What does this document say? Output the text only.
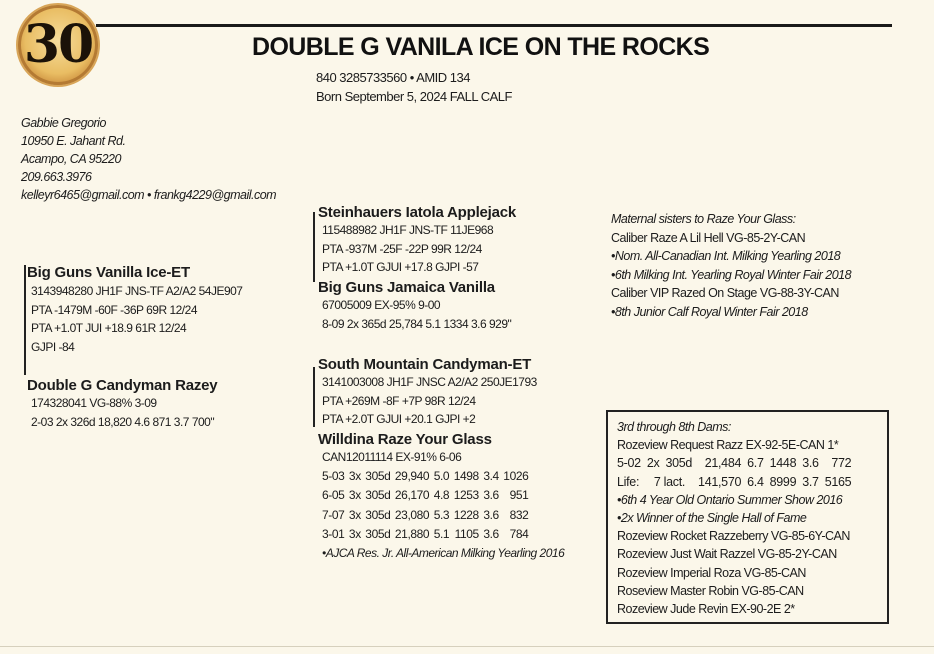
30	DOUBLE G VANILA ICE ON THE ROCKS
840 3285733560 • AMID 134
Born September 5, 2024 FALL CALF
Gabbie Gregorio
10950 E. Jahant Rd.
Acampo, CA 95220
209.663.3976
kelleyr6465@gmail.com • frankg4229@gmail.com
Big Guns Vanilla Ice-ET
3143948280 JH1F JNS-TF A2/A2 54JE907
PTA -1479M -60F -36P 69R 12/24
PTA +1.0T JUI +18.9 61R 12/24
GJPI -84
Steinhauers Iatola Applejack
115488982 JH1F JNS-TF 11JE968
PTA -937M -25F -22P 99R 12/24
PTA +1.0T GJUI +17.8 GJPI -57
Big Guns Jamaica Vanilla
67005009 EX-95% 9-00
8-09 2x 365d 25,784 5.1 1334 3.6 929"
Double G Candyman Razey
174328041 VG-88% 3-09
2-03 2x 326d 18,820 4.6 871 3.7 700"
South Mountain Candyman-ET
3141003008 JH1F JNSC A2/A2 250JE1793
PTA +269M -8F +7P 98R 12/24
PTA +2.0T GJUI +20.1 GJPI +2
Willdina Raze Your Glass
CAN12011114 EX-91% 6-06
5-03	3x	305d	29,940	5.0	1498	3.4	1026
6-05	3x	305d	26,170	4.8	1253	3.6	951
7-07	3x	305d	23,080	5.3	1228	3.6	832
3-01	3x	305d	21,880	5.1	1105	3.6	784
•AJCA Res. Jr. All-American Milking Yearling 2016
Maternal sisters to Raze Your Glass:
Caliber Raze A Lil Hell VG-85-2Y-CAN
•Nom. All-Canadian Int. Milking Yearling 2018
•6th Milking Int. Yearling Royal Winter Fair 2018
Caliber VIP Razed On Stage VG-88-3Y-CAN
•8th Junior Calf Royal Winter Fair 2018
3rd through 8th Dams:
Rozeview Request Razz EX-92-5E-CAN 1*
5-02	2x	305d	21,484	6.7	1448	3.6	772
Life:	7 lact.		141,570	6.4	8999	3.7	5165
•6th 4 Year Old Ontario Summer Show 2016
•2x Winner of the Single Hall of Fame
Rozeview Rocket Razzeberry VG-85-6Y-CAN
Rozeview Just Wait Razzel VG-85-2Y-CAN
Rozeview Imperial Roza VG-85-CAN
Roseview Master Robin VG-85-CAN
Rozeview Jude Revin EX-90-2E 2*
